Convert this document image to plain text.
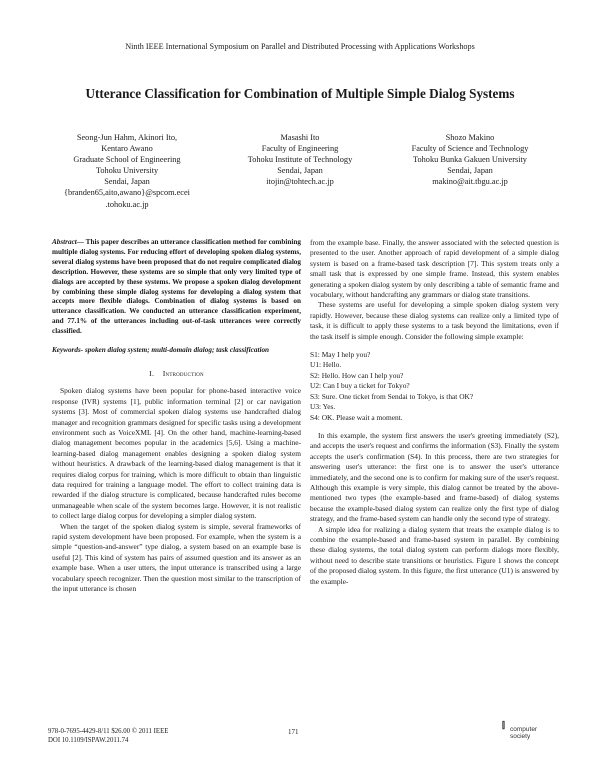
Ninth IEEE International Symposium on Parallel and Distributed Processing with Applications Workshops
Utterance Classification for Combination of Multiple Simple Dialog Systems
Seong-Jun Hahm, Akinori Ito,
Kentaro Awano
Graduate School of Engineering
Tohoku University
Sendai, Japan
{branden65,aito,awano}@spcom.ecei
.tohoku.ac.jp
Masashi Ito
Faculty of Engineering
Tohoku Institute of Technology
Sendai, Japan
itojin@tohtech.ac.jp
Shozo Makino
Faculty of Science and Technology
Tohoku Bunka Gakuen University
Sendai, Japan
makino@ait.tbgu.ac.jp
Abstract— This paper describes an utterance classification method for combining multiple dialog systems. For reducing effort of developing spoken dialog systems, several dialog systems have been proposed that do not require complicated dialog description. However, these systems are so simple that only very limited type of dialogs are accepted by these systems. We propose a spoken dialog development by combining these simple dialog systems for developing a dialog system that accepts more flexible dialogs. Combination of dialog systems is based on utterance classification. We conducted an utterance classification experiment, and 77.1% of the utterances including out-of-task utterances were correctly classified.
Keywords- spoken dialog system; multi-domain dialog; task classification
I. Introduction

Spoken dialog systems have been popular for phone-based interactive voice response (IVR) systems [1], public information terminal [2] or car navigation systems [3]. Most of commercial spoken dialog systems use handcrafted dialog manager and recognition grammars designed for specific tasks using a development environment such as VoiceXML [4]. On the other hand, machine-learning-based dialog management becomes popular in the academics [5,6]. Using a machine-learning-based dialog management enables designing a spoken dialog system without heuristics. A drawback of the learning-based dialog management is that it requires dialog corpus for training, which is more difficult to obtain than linguistic data required for training a language model. The effort to collect training data is rewarded if the dialog structure is complicated, because handcrafted rules become unmanageable when scale of the system becomes large. However, it is not realistic to collect large dialog corpus for developing a simpler dialog system.

When the target of the spoken dialog system is simple, several frameworks of rapid system development have been proposed. For example, when the system is a simple “question-and-answer” type dialog, a system based on an example base is useful [2]. This kind of system has pairs of assumed question and its answer as an example base. When a user utters, the input utterance is transcribed using a large vocabulary speech recognizer. Then the question most similar to the transcription of the input utterance is chosen

from the example base. Finally, the answer associated with the selected question is presented to the user. Another approach of rapid development of a simple dialog system is based on a frame-based task description [7]. This system treats only a small task that is expressed by one simple frame. Instead, this system enables generating a spoken dialog system by only describing a table of semantic frame and vocabulary, without handcrafting any grammars or dialog state transitions.

These systems are useful for developing a simple spoken dialog system very rapidly. However, because these dialog systems can realize only a limited type of task, it is difficult to apply these systems to a task beyond the limitations, even if the task itself is simple enough. Consider the following simple example:

S1: May I help you?
U1: Hello.
S2: Hello. How can I help you?
U2: Can I buy a ticket for Tokyo?
S3: Sure. One ticket from Sendai to Tokyo, is that OK?
U3: Yes.
S4: OK. Please wait a moment.

In this example, the system first answers the user's greeting immediately (S2), and accepts the user's request and confirms the information (S3). Finally the system accepts the user's confirmation (S4). In this process, there are two strategies for answering user's utterance: the first one is to answer the user's utterance immediately, and the second one is to confirm for making sure of the user's request. Although this example is very simple, this dialog cannot be treated by the above-mentioned two types (the example-based and frame-based) of dialog systems because the example-based dialog system can realize only the first type of dialog strategy, and the frame-based system can handle only the second type of strategy.

A simple idea for realizing a dialog system that treats the example dialog is to combine the example-based and frame-based system in parallel. By combining these dialog systems, the total dialog system can perform dialogs more flexibly, without need to describe state transitions or heuristics. Figure 1 shows the concept of the proposed dialog system. In this figure, the first utterance (U1) is answered by the example-

978-0-7695-4429-8/11 $26.00 © 2011 IEEE
DOI 10.1109/ISPAW.2011.74
171
⫿ computer
society
